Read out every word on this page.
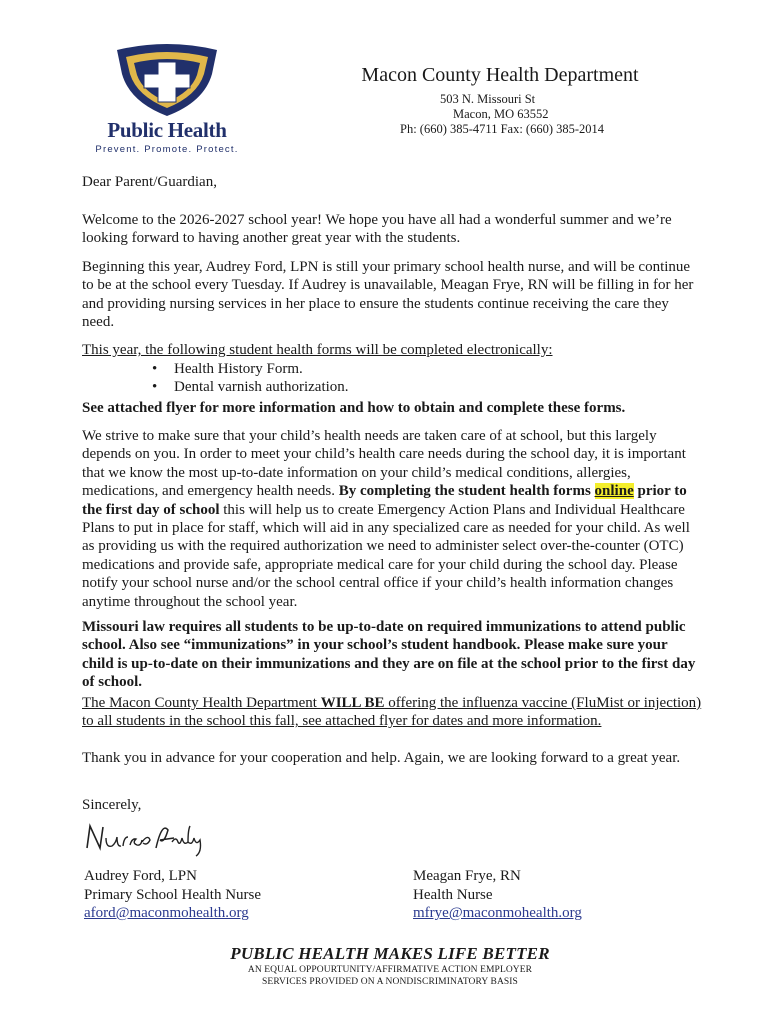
Public Health
Prevent. Promote. Protect.
Macon County Health Department
503 N. Missouri St
Macon, MO 63552
Ph: (660) 385-4711 Fax: (660) 385-2014
Dear Parent/Guardian,
Welcome to the 2026-2027 school year! We hope you have all had a wonderful summer and we’re looking forward to having another great year with the students.
Beginning this year, Audrey Ford, LPN is still your primary school health nurse, and will be continue to be at the school every Tuesday. If Audrey is unavailable, Meagan Frye, RN will be filling in for her and providing nursing services in her place to ensure the students continue receiving the care they need.
This year, the following student health forms will be completed electronically:
• Health History Form.
• Dental varnish authorization.
See attached flyer for more information and how to obtain and complete these forms.
We strive to make sure that your child’s health needs are taken care of at school, but this largely depends on you. In order to meet your child’s health care needs during the school day, it is important that we know the most up-to-date information on your child’s medical conditions, allergies, medications, and emergency health needs. By completing the student health forms online prior to the first day of school this will help us to create Emergency Action Plans and Individual Healthcare Plans to put in place for staff, which will aid in any specialized care as needed for your child. As well as providing us with the required authorization we need to administer select over-the-counter (OTC) medications and provide safe, appropriate medical care for your child during the school day. Please notify your school nurse and/or the school central office if your child’s health information changes anytime throughout the school year.
Missouri law requires all students to be up-to-date on required immunizations to attend public school. Also see “immunizations” in your school’s student handbook. Please make sure your child is up-to-date on their immunizations and they are on file at the school prior to the first day of school.
The Macon County Health Department WILL BE offering the influenza vaccine (FluMist or injection) to all students in the school this fall, see attached flyer for dates and more information.
Thank you in advance for your cooperation and help. Again, we are looking forward to a great year.
Sincerely,
Audrey Ford, LPN
Primary School Health Nurse
aford@maconmohealth.org
Meagan Frye, RN
Health Nurse
mfrye@maconmohealth.org
PUBLIC HEALTH MAKES LIFE BETTER
AN EQUAL OPPOURTUNITY/AFFIRMATIVE ACTION EMPLOYER
SERVICES PROVIDED ON A NONDISCRIMINATORY BASIS
